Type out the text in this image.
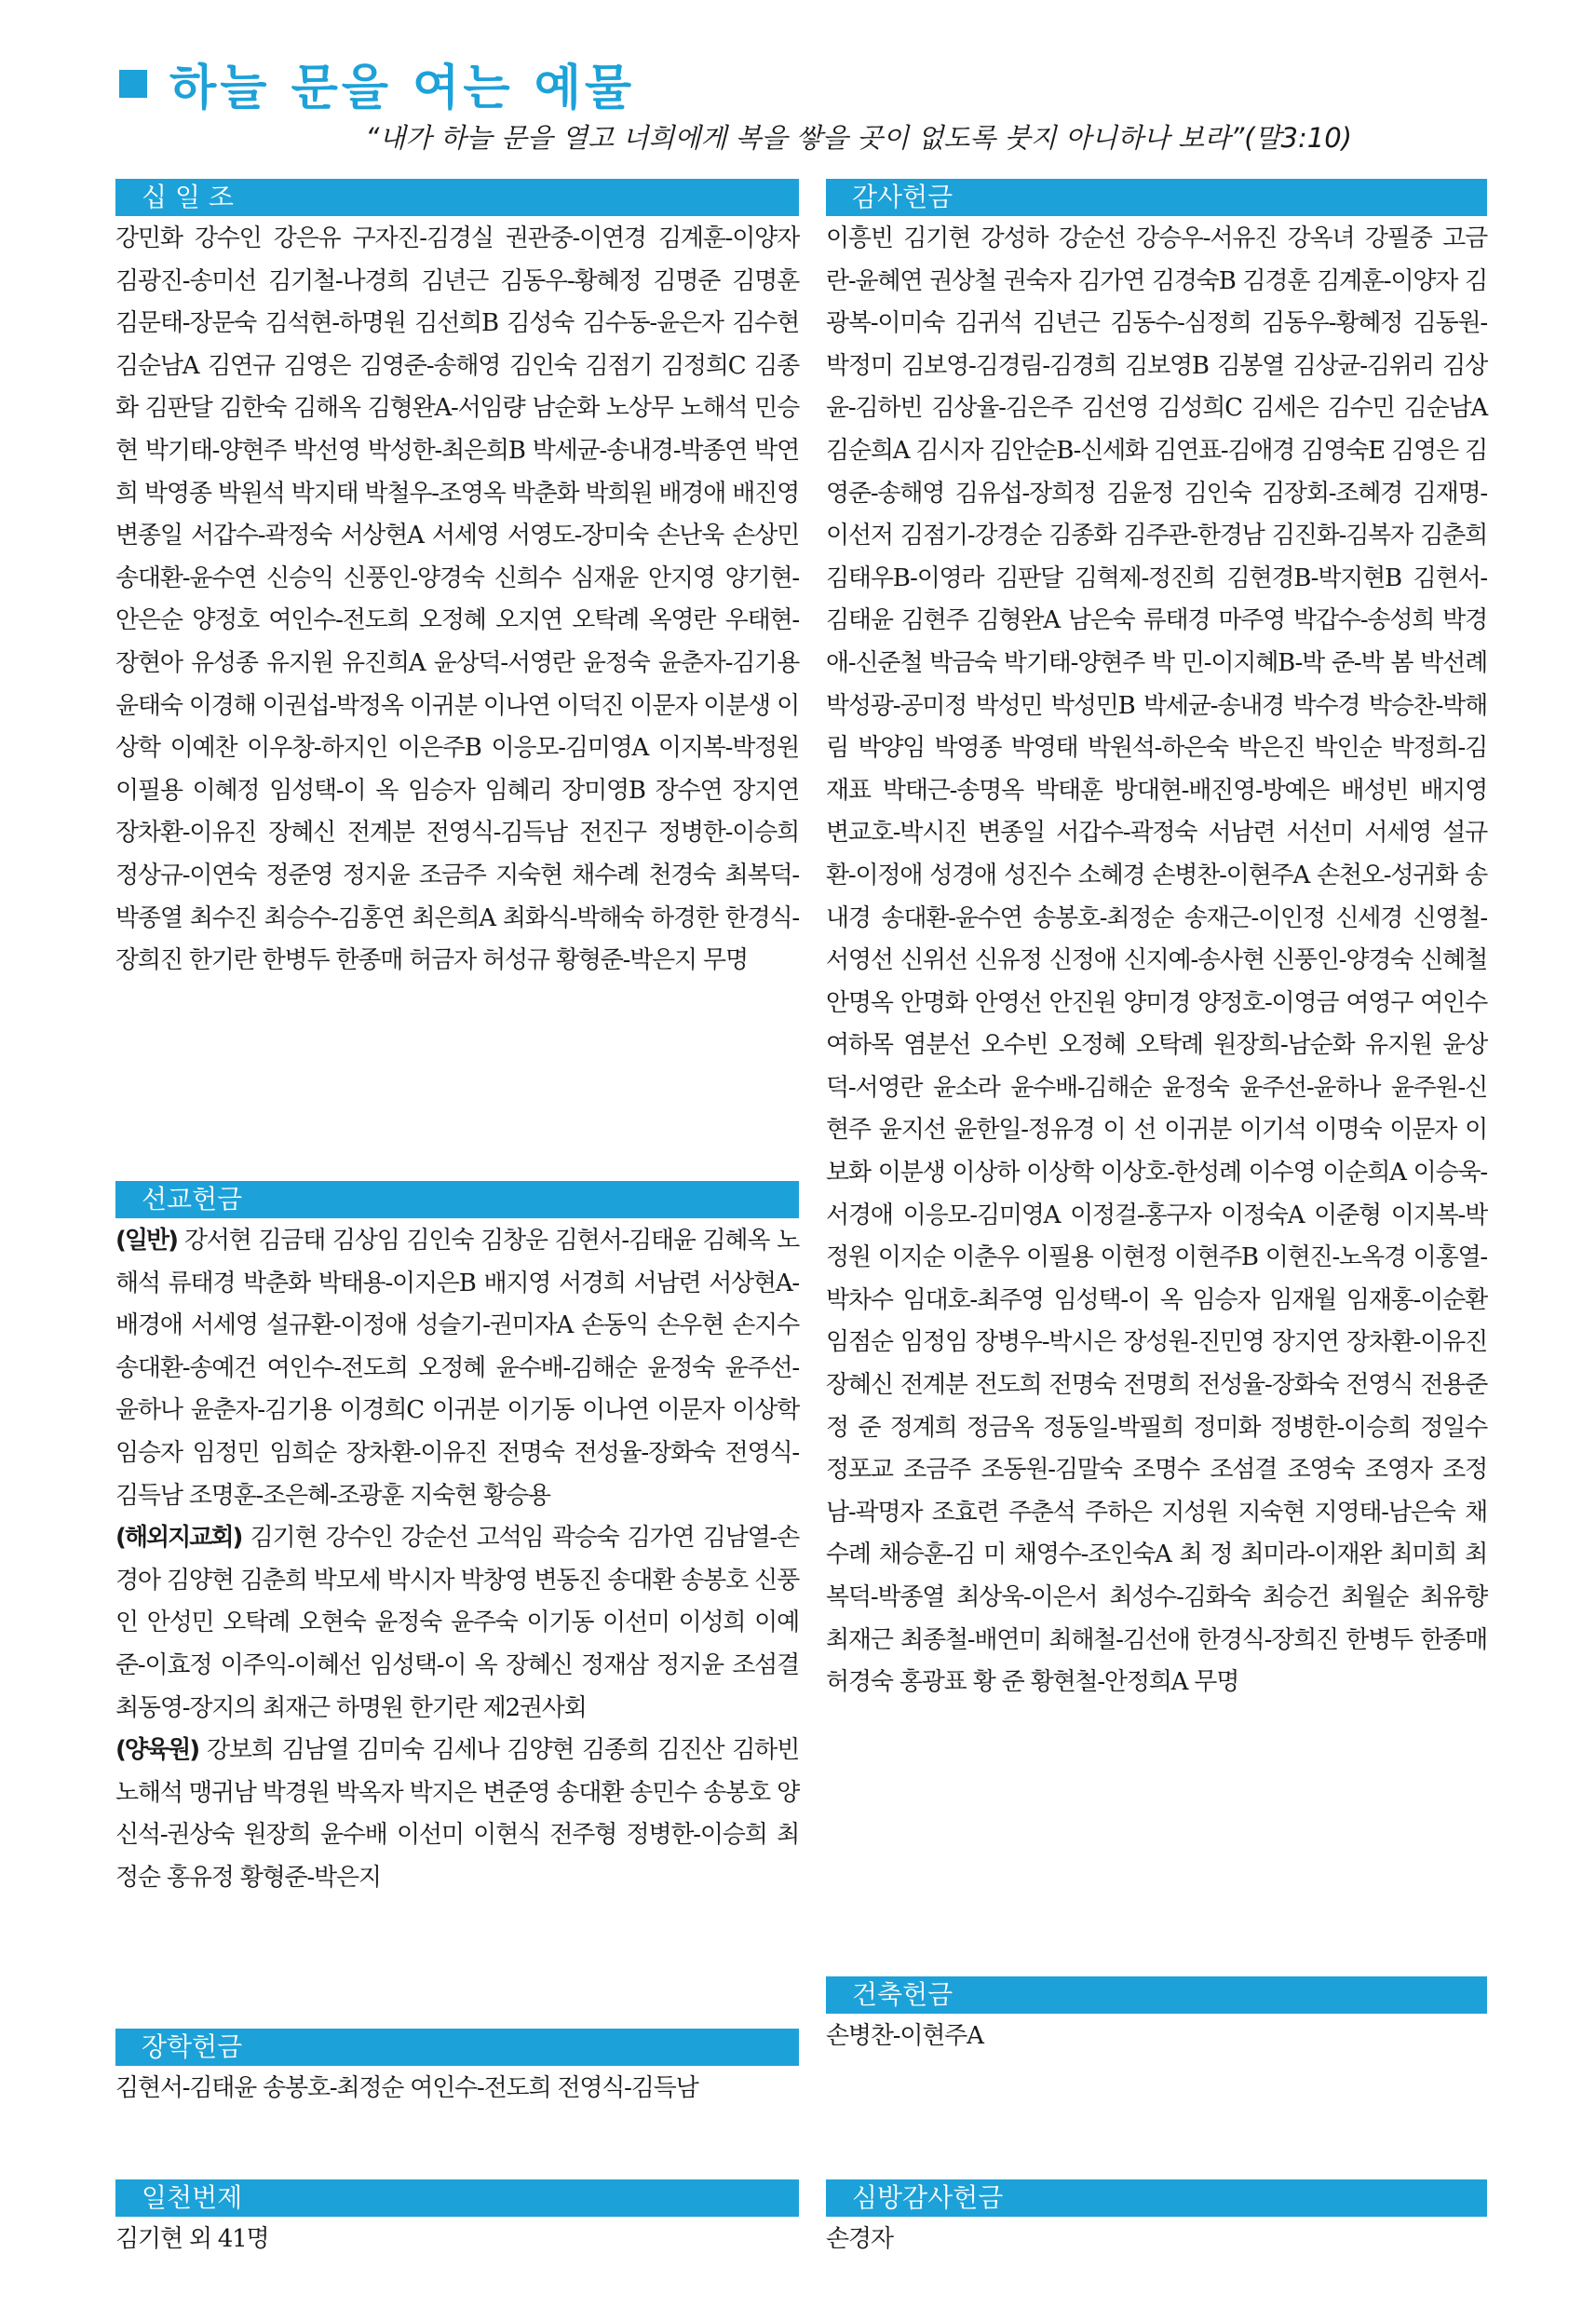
하늘 문을 여는 예물
“내가 하늘 문을 열고 너희에게 복을 쌓을 곳이 없도록 붓지 아니하나 보라”(말3:10)
십 일 조
강민화 강수인 강은유 구자진-김경실 권관중-이연경 김계훈-이양자 김광진-송미선 김기철-나경희 김년근 김동우-황혜정 김명준 김명훈 김문태-장문숙 김석현-하명원 김선희B 김성숙 김수동-윤은자 김수현 김순남A 김연규 김영은 김영준-송해영 김인숙 김점기 김정희C 김종화 김판달 김한숙 김해옥 김형완A-서임량 남순화 노상무 노해석 민승현 박기태-양현주 박선영 박성한-최은희B 박세균-송내경-박종연 박연희 박영종 박원석 박지태 박철우-조영옥 박춘화 박희원 배경애 배진영 변종일 서갑수-곽정숙 서상현A 서세영 서영도-장미숙 손난욱 손상민 송대환-윤수연 신승익 신풍인-양경숙 신희수 심재윤 안지영 양기현-안은순 양정호 여인수-전도희 오정혜 오지연 오탁례 옥영란 우태현-장현아 유성종 유지원 유진희A 윤상덕-서영란 윤정숙 윤춘자-김기용 윤태숙 이경해 이권섭-박정옥 이귀분 이나연 이덕진 이문자 이분생 이상학 이예찬 이우창-하지인 이은주B 이응모-김미영A 이지복-박정원 이필용 이혜정 임성택-이 옥 임승자 임혜리 장미영B 장수연 장지연 장차환-이유진 장혜신 전계분 전영식-김득남 전진구 정병한-이승희 정상규-이연숙 정준영 정지윤 조금주 지숙현 채수례 천경숙 최복덕-박종열 최수진 최승수-김홍연 최은희A 최화식-박해숙 하경한 한경식-장희진 한기란 한병두 한종매 허금자 허성규 황형준-박은지 무명
선교헌금
(일반) 강서현 김금태 김상임 김인숙 김창운 김현서-김태윤 김혜옥 노해석 류태경 박춘화 박태용-이지은B 배지영 서경희 서남련 서상현A-배경애 서세영 설규환-이정애 성슬기-권미자A 손동익 손우현 손지수 송대환-송예건 여인수-전도희 오정혜 윤수배-김해순 윤정숙 윤주선-윤하나 윤춘자-김기용 이경희C 이귀분 이기동 이나연 이문자 이상학 임승자 임정민 임희순 장차환-이유진 전명숙 전성율-장화숙 전영식-김득남 조명훈-조은혜-조광훈 지숙현 황승용
(해외지교회) 김기현 강수인 강순선 고석임 곽승숙 김가연 김남열-손경아 김양현 김춘희 박모세 박시자 박창영 변동진 송대환 송봉호 신풍인 안성민 오탁례 오현숙 윤정숙 윤주숙 이기동 이선미 이성희 이예준-이효정 이주익-이혜선 임성택-이 옥 장혜신 정재삼 정지윤 조섬결 최동영-장지의 최재근 하명원 한기란 제2권사회
(양육원) 강보희 김남열 김미숙 김세나 김양현 김종희 김진산 김하빈 노해석 맹귀남 박경원 박옥자 박지은 변준영 송대환 송민수 송봉호 양신석-권상숙 원장희 윤수배 이선미 이현식 전주형 정병한-이승희 최정순 홍유정 황형준-박은지
장학헌금
김현서-김태윤 송봉호-최정순 여인수-전도희 전영식-김득남
일천번제
김기현 외 41명
감사헌금
이흥빈 김기현 강성하 강순선 강승우-서유진 강옥녀 강필중 고금란-윤혜연 권상철 권숙자 김가연 김경숙B 김경훈 김계훈-이양자 김광복-이미숙 김귀석 김년근 김동수-심정희 김동우-황혜정 김동원-박정미 김보영-김경림-김경희 김보영B 김봉열 김상균-김위리 김상윤-김하빈 김상율-김은주 김선영 김성희C 김세은 김수민 김순남A 김순희A 김시자 김안순B-신세화 김연표-김애경 김영숙E 김영은 김영준-송해영 김유섭-장희정 김윤정 김인숙 김장회-조혜경 김재명-이선저 김점기-강경순 김종화 김주관-한경남 김진화-김복자 김춘희 김태우B-이영라 김판달 김혁제-정진희 김현경B-박지현B 김현서-김태윤 김현주 김형완A 남은숙 류태경 마주영 박갑수-송성희 박경애-신준철 박금숙 박기태-양현주 박 민-이지혜B-박 준-박 봄 박선례 박성광-공미정 박성민 박성민B 박세균-송내경 박수경 박승찬-박해림 박양임 박영종 박영태 박원석-하은숙 박은진 박인순 박정희-김재표 박태근-송명옥 박태훈 방대현-배진영-방예은 배성빈 배지영 변교호-박시진 변종일 서갑수-곽정숙 서남련 서선미 서세영 설규환-이정애 성경애 성진수 소혜경 손병찬-이현주A 손천오-성귀화 송내경 송대환-윤수연 송봉호-최정순 송재근-이인정 신세경 신영철-서영선 신위선 신유정 신정애 신지예-송사현 신풍인-양경숙 신혜철 안명옥 안명화 안영선 안진원 양미경 양정호-이영금 여영구 여인수 여하목 염분선 오수빈 오정혜 오탁례 원장희-남순화 유지원 윤상덕-서영란 윤소라 윤수배-김해순 윤정숙 윤주선-윤하나 윤주원-신현주 윤지선 윤한일-정유경 이 선 이귀분 이기석 이명숙 이문자 이보화 이분생 이상하 이상학 이상호-한성례 이수영 이순희A 이승욱-서경애 이응모-김미영A 이정걸-홍구자 이정숙A 이준형 이지복-박정원 이지순 이춘우 이필용 이현정 이현주B 이현진-노옥경 이홍열-박차수 임대호-최주영 임성택-이 옥 임승자 임재월 임재홍-이순환 임점순 임정임 장병우-박시은 장성원-진민영 장지연 장차환-이유진 장혜신 전계분 전도희 전명숙 전명희 전성율-장화숙 전영식 전용준 정 준 정계희 정금옥 정동일-박필희 정미화 정병한-이승희 정일수 정포교 조금주 조동원-김말숙 조명수 조섬결 조영숙 조영자 조정남-곽명자 조효련 주춘석 주하은 지성원 지숙현 지영태-남은숙 채수례 채승훈-김 미 채영수-조인숙A 최 정 최미라-이재완 최미희 최복덕-박종열 최상욱-이은서 최성수-김화숙 최승건 최월순 최유향 최재근 최종철-배연미 최해철-김선애 한경식-장희진 한병두 한종매 허경숙 홍광표 황 준 황현철-안정희A 무명
건축헌금
손병찬-이현주A
심방감사헌금
손경자
